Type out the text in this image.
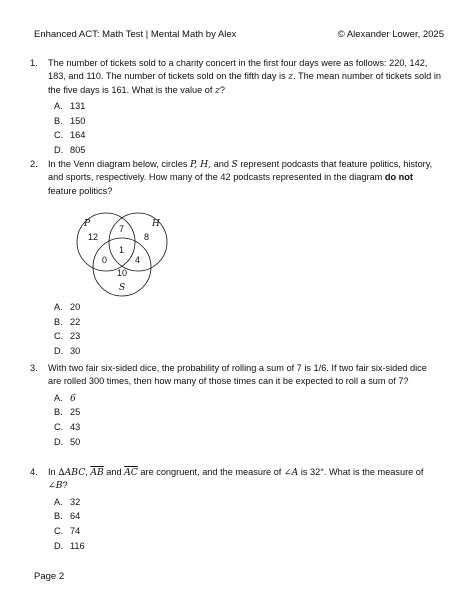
Enhanced ACT: Math Test | Mental Math by Alex	© Alexander Lower, 2025
1. The number of tickets sold to a charity concert in the first four days were as follows: 220, 142, 183, and 110. The number of tickets sold on the fifth day is z. The mean number of tickets sold in the five days is 161. What is the value of z?
A. 131
B. 150
C. 164
D. 805
2. In the Venn diagram below, circles P, H, and S represent podcasts that feature politics, history, and sports, respectively. How many of the 42 podcasts represented in the diagram do not feature politics?
P	H
S
12
7
8
1
0	4
10
A. 20
B. 22
C. 23
D. 30
3. With two fair six-sided dice, the probability of rolling a sum of 7 is 1/6. If two fair six-sided dice are rolled 300 times, then how many of those times can it be expected to roll a sum of 7?
A. 6
B. 25
C. 43
D. 50
4. In ∆ABC, $\overline{AB}$ and $\overline{AC}$ are congruent, and the measure of ∠A is 32°. What is the measure of ∠B?
A. 32
B. 64
C. 74
D. 116
Page 2
